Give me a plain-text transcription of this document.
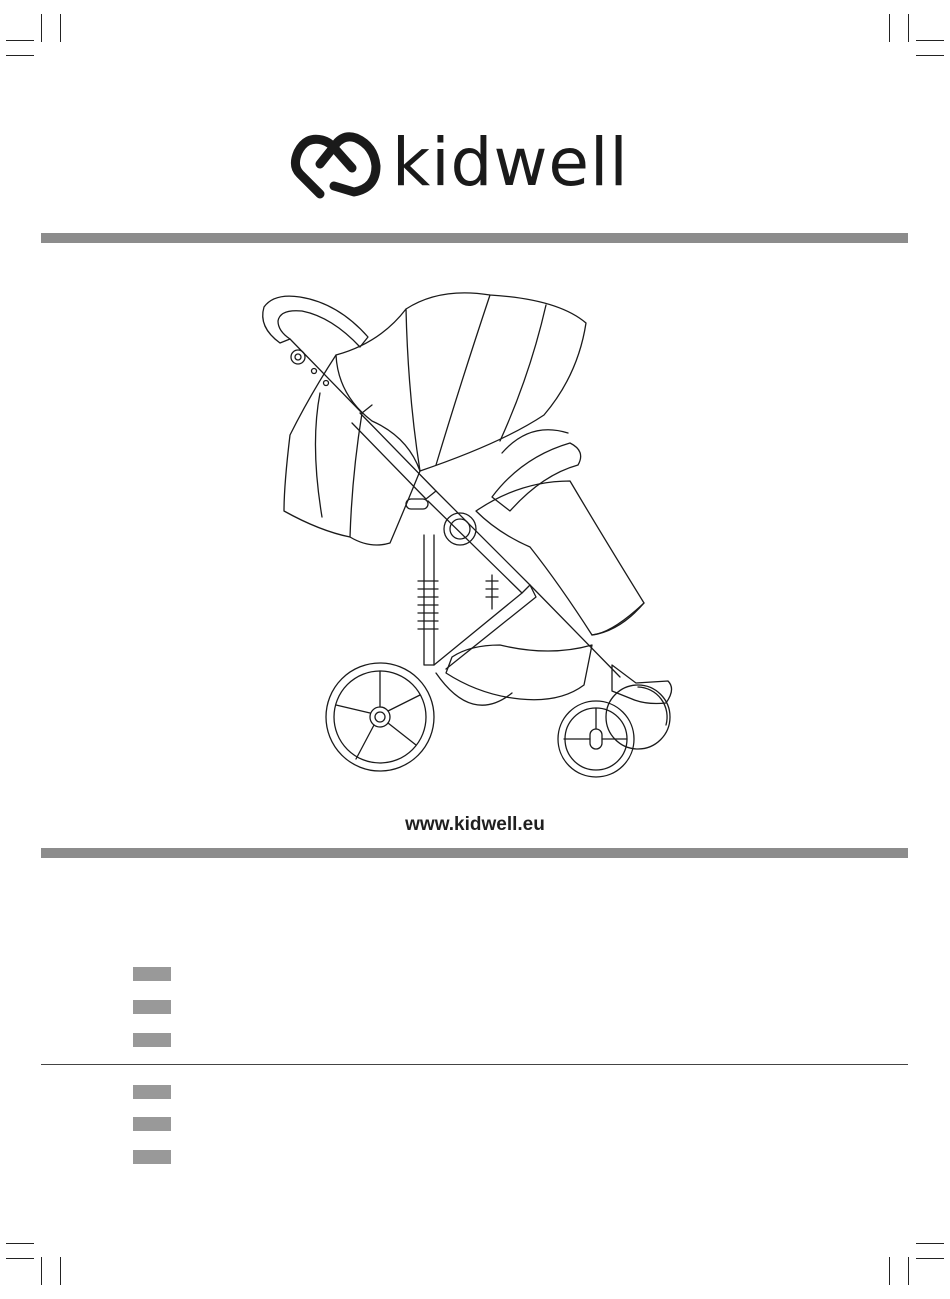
kidwell
www.kidwell.eu
